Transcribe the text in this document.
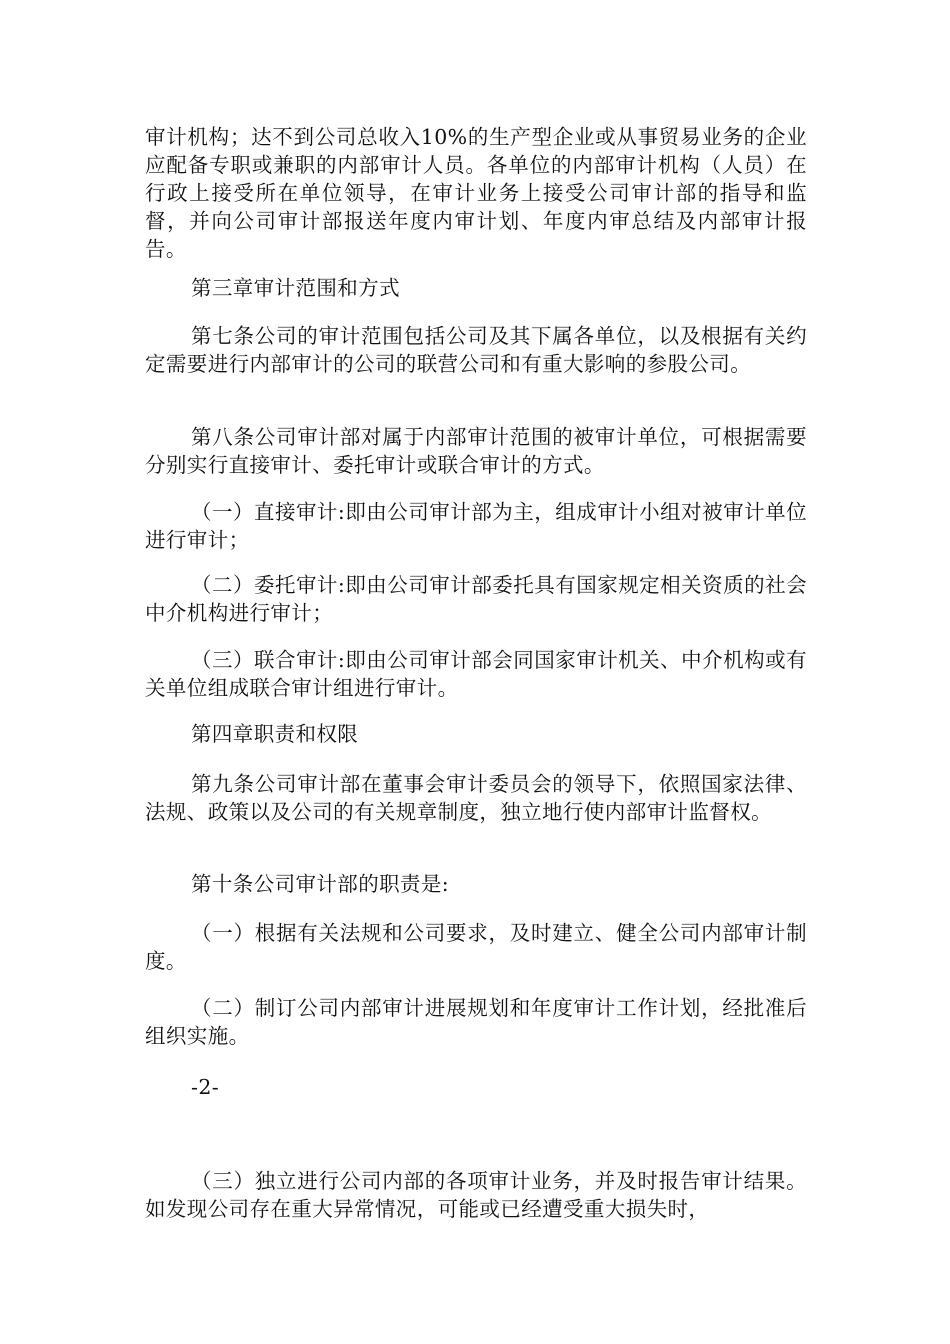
审计机构；达不到公司总收入10%的生产型企业或从事贸易业务的企业应配备专职或兼职的内部审计人员。各单位的内部审计机构（人员）在行政上接受所在单位领导，在审计业务上接受公司审计部的指导和监督，并向公司审计部报送年度内审计划、年度内审总结及内部审计报告。

第三章审计范围和方式

第七条公司的审计范围包括公司及其下属各单位，以及根据有关约定需要进行内部审计的公司的联营公司和有重大影响的参股公司。

第八条公司审计部对属于内部审计范围的被审计单位，可根据需要分别实行直接审计、委托审计或联合审计的方式。

（一）直接审计:即由公司审计部为主，组成审计小组对被审计单位进行审计；

（二）委托审计:即由公司审计部委托具有国家规定相关资质的社会中介机构进行审计；

（三）联合审计:即由公司审计部会同国家审计机关、中介机构或有关单位组成联合审计组进行审计。

第四章职责和权限

第九条公司审计部在董事会审计委员会的领导下，依照国家法律、法规、政策以及公司的有关规章制度，独立地行使内部审计监督权。

第十条公司审计部的职责是:

（一）根据有关法规和公司要求，及时建立、健全公司内部审计制度。

（二）制订公司内部审计进展规划和年度审计工作计划，经批准后组织实施。

-2-

（三）独立进行公司内部的各项审计业务，并及时报告审计结果。如发现公司存在重大异常情况，可能或已经遭受重大损失时，
